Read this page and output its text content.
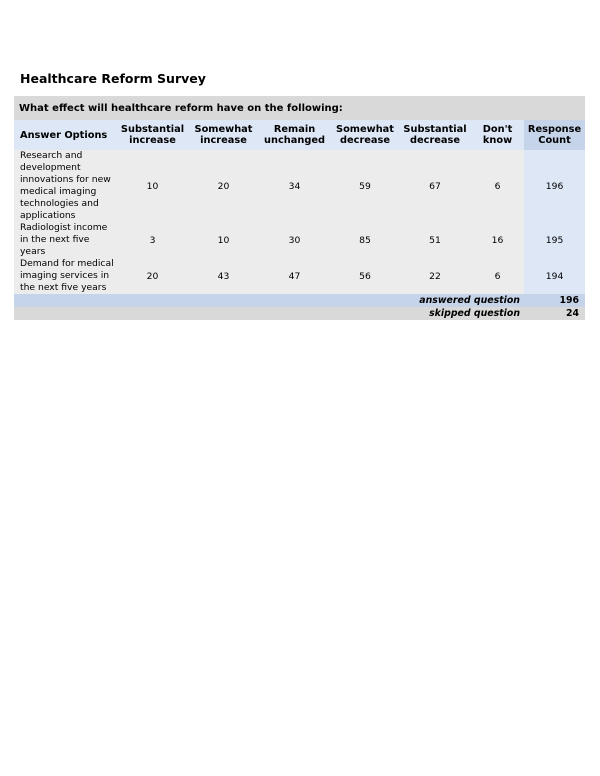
Healthcare Reform Survey
What effect will healthcare reform have on the following:							
Answer Options	Substantial increase	Somewhat increase	Remain unchanged	Somewhat decrease	Substantial decrease	Don't know	Response Count
Research and development innovations for new medical imaging technologies and applications	10	20	34	59	67	6	196
Radiologist income in the next five years	3	10	30	85	51	16	195
Demand for medical imaging services in the next five years	20	43	47	56	22	6	194
answered question							196
skipped question							24
